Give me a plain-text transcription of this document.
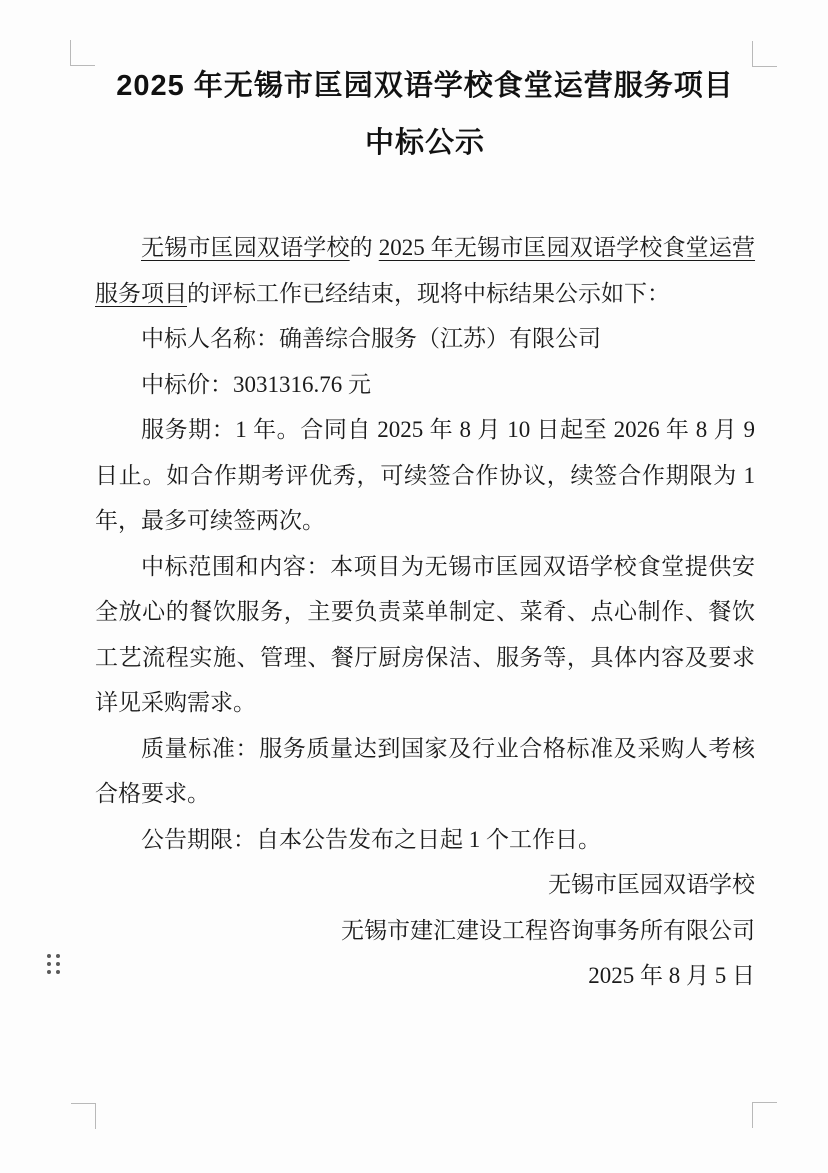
2025 年无锡市匡园双语学校食堂运营服务项目
中标公示

无锡市匡园双语学校的 2025 年无锡市匡园双语学校食堂运营服务项目的评标工作已经结束，现将中标结果公示如下：

中标人名称：确善综合服务（江苏）有限公司

中标价：3031316.76 元

服务期：1 年。合同自 2025 年 8 月 10 日起至 2026 年 8 月 9 日止。如合作期考评优秀，可续签合作协议，续签合作期限为 1 年，最多可续签两次。

中标范围和内容：本项目为无锡市匡园双语学校食堂提供安全放心的餐饮服务，主要负责菜单制定、菜肴、点心制作、餐饮工艺流程实施、管理、餐厅厨房保洁、服务等，具体内容及要求详见采购需求。

质量标准：服务质量达到国家及行业合格标准及采购人考核合格要求。

公告期限：自本公告发布之日起 1 个工作日。

无锡市匡园双语学校

无锡市建汇建设工程咨询事务所有限公司

2025 年 8 月 5 日
